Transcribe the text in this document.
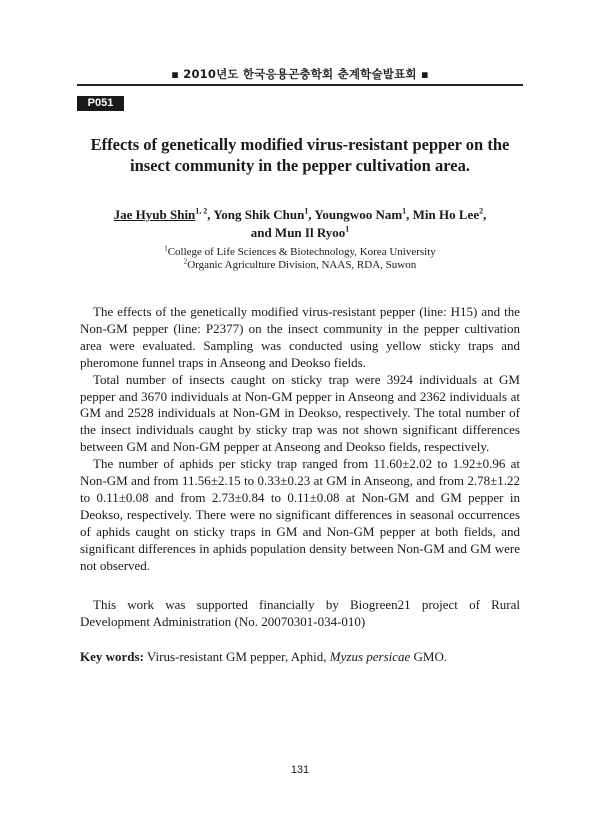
▪ 2010년도 한국응용곤충학회 춘계학술발표회 ▪
P051
Effects of genetically modified virus-resistant pepper on the
insect community in the pepper cultivation area.
Jae Hyub Shin$^{1, 2}$, Yong Shik Chun$^1$, Youngwoo Nam$^1$, Min Ho Lee$^2$,
and Mun Il Ryoo$^1$
$^1$College of Life Sciences & Biotechnology, Korea University
$^2$Organic Agriculture Division, NAAS, RDA, Suwon

The effects of the genetically modified virus-resistant pepper (line: H15) and the Non-GM pepper (line: P2377) on the insect community in the pepper cultivation area were evaluated. Sampling was conducted using yellow sticky traps and pheromone funnel traps in Anseong and Deokso fields.

Total number of insects caught on sticky trap were 3924 individuals at GM pepper and 3670 individuals at Non-GM pepper in Anseong and 2362 individuals at GM and 2528 individuals at Non-GM in Deokso, respectively. The total number of the insect individuals caught by sticky trap was not shown significant differences between GM and Non-GM pepper at Anseong and Deokso fields, respectively.

The number of aphids per sticky trap ranged from 11.60±2.02 to 1.92±0.96 at Non-GM and from 11.56±2.15 to 0.33±0.23 at GM in Anseong, and from 2.78±1.22 to 0.11±0.08 and from 2.73±0.84 to 0.11±0.08 at Non-GM and GM pepper in Deokso, respectively. There were no significant differences in seasonal occurrences of aphids caught on sticky traps in GM and Non-GM pepper at both fields, and significant differences in aphids population density between Non-GM and GM were not observed.

This work was supported financially by Biogreen21 project of Rural Development Administration (No. 20070301-034-010)
Key words: Virus-resistant GM pepper, Aphid, Myzus persicae GMO.
131
